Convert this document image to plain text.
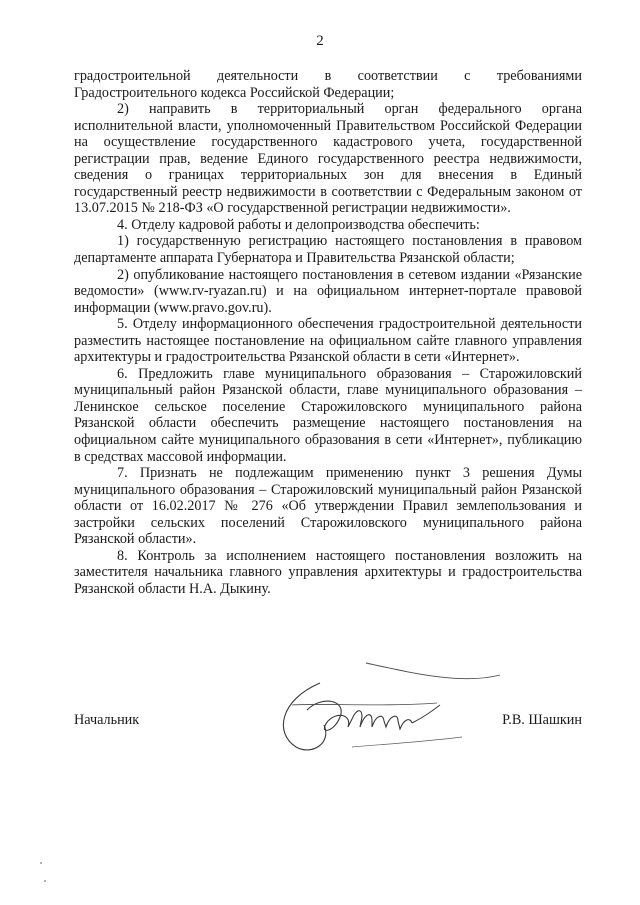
2

градостроительной деятельности в соответствии с требованиями Градостроительного кодекса Российской Федерации;

2) направить в территориальный орган федерального органа исполнительной власти, уполномоченный Правительством Российской Федерации на осуществление государственного кадастрового учета, государственной регистрации прав, ведение Единого государственного реестра недвижимости, сведения о границах территориальных зон для внесения в Единый государственный реестр недвижимости в соответствии с Федеральным законом от 13.07.2015 № 218-ФЗ «О государственной регистрации недвижимости».

4. Отделу кадровой работы и делопроизводства обеспечить:

1) государственную регистрацию настоящего постановления в правовом департаменте аппарата Губернатора и Правительства Рязанской области;

2) опубликование настоящего постановления в сетевом издании «Рязанские ведомости» (www.rv-ryazan.ru) и на официальном интернет-портале правовой информации (www.pravo.gov.ru).

5. Отделу информационного обеспечения градостроительной деятельности разместить настоящее постановление на официальном сайте главного управления архитектуры и градостроительства Рязанской области в сети «Интернет».

6. Предложить главе муниципального образования – Старожиловский муниципальный район Рязанской области, главе муниципального образования – Ленинское сельское поселение Старожиловского муниципального района Рязанской области обеспечить размещение настоящего постановления на официальном сайте муниципального образования в сети «Интернет», публикацию в средствах массовой информации.

7. Признать не подлежащим применению пункт 3 решения Думы муниципального образования – Старожиловский муниципальный район Рязанской области от 16.02.2017 № 276 «Об утверждении Правил землепользования и застройки сельских поселений Старожиловского муниципального района Рязанской области».

8. Контроль за исполнением настоящего постановления возложить на заместителя начальника главного управления архитектуры и градостроительства Рязанской области Н.А. Дыкину.

Начальник	Р.В. Шашкин
